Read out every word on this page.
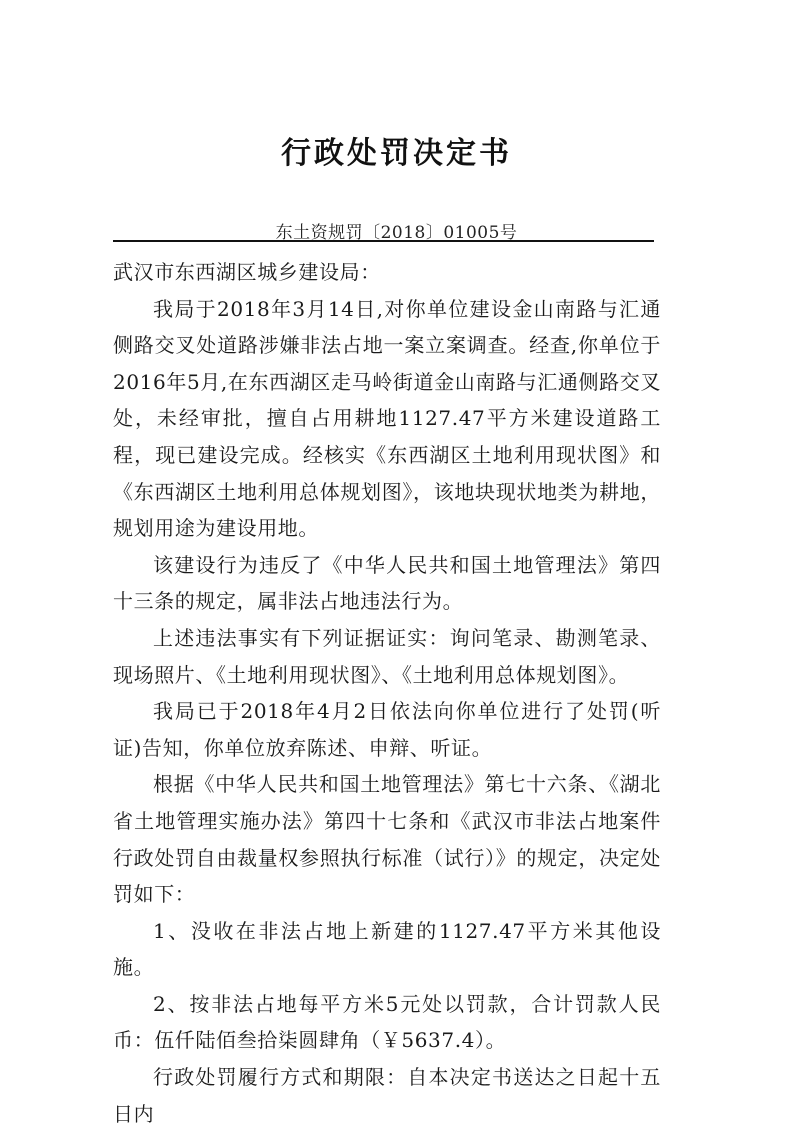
行政处罚决定书
东土资规罚〔2018〕01005号

武汉市东西湖区城乡建设局：

我局于2018年3月14日,对你单位建设金山南路与汇通侧路交叉处道路涉嫌非法占地一案立案调查。经查,你单位于2016年5月,在东西湖区走马岭街道金山南路与汇通侧路交叉处，未经审批，擅自占用耕地1127.47平方米建设道路工程，现已建设完成。经核实《东西湖区土地利用现状图》和《东西湖区土地利用总体规划图》，该地块现状地类为耕地，规划用途为建设用地。

该建设行为违反了《中华人民共和国土地管理法》第四十三条的规定，属非法占地违法行为。

上述违法事实有下列证据证实：询问笔录、勘测笔录、现场照片、《土地利用现状图》、《土地利用总体规划图》。

我局已于2018年4月2日依法向你单位进行了处罚(听证)告知，你单位放弃陈述、申辩、听证。

根据《中华人民共和国土地管理法》第七十六条、《湖北省土地管理实施办法》第四十七条和《武汉市非法占地案件行政处罚自由裁量权参照执行标准（试行）》的规定，决定处罚如下：

1、没收在非法占地上新建的1127.47平方米其他设施。

2、按非法占地每平方米5元处以罚款，合计罚款人民币：伍仟陆佰叁拾柒圆肆角（￥5637.4）。

行政处罚履行方式和期限：自本决定书送达之日起十五日内
